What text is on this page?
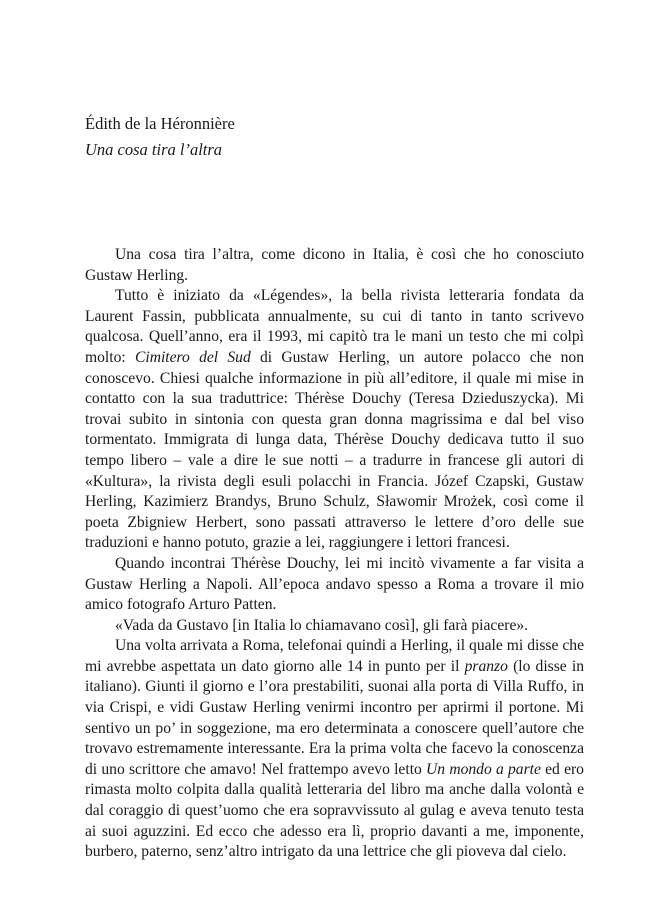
Édith de la Héronnière

Una cosa tira l’altra

Una cosa tira l’altra, come dicono in Italia, è così che ho conosciuto Gustaw Herling.

Tutto è iniziato da «Légendes», la bella rivista letteraria fondata da Laurent Fassin, pubblicata annualmente, su cui di tanto in tanto scrivevo qualcosa. Quell’anno, era il 1993, mi capitò tra le mani un testo che mi colpì molto: Cimitero del Sud di Gustaw Herling, un autore polacco che non conoscevo. Chiesi qualche informazione in più all’editore, il quale mi mise in contatto con la sua traduttrice: Thérèse Douchy (Teresa Dzieduszycka). Mi trovai subito in sintonia con questa gran donna magrissima e dal bel viso tormentato. Immigrata di lunga data, Thérèse Douchy dedicava tutto il suo tempo libero – vale a dire le sue notti – a tradurre in francese gli autori di «Kultura», la rivista degli esuli polacchi in Francia. Józef Czapski, Gustaw Herling, Kazimierz Brandys, Bruno Schulz, Sławomir Mrożek, così come il poeta Zbigniew Herbert, sono passati attraverso le lettere d’oro delle sue traduzioni e hanno potuto, grazie a lei, raggiungere i lettori francesi.

Quando incontrai Thérèse Douchy, lei mi incitò vivamente a far visita a Gustaw Herling a Napoli. All’epoca andavo spesso a Roma a trovare il mio amico fotografo Arturo Patten.

«Vada da Gustavo [in Italia lo chiamavano così], gli farà piacere».

Una volta arrivata a Roma, telefonai quindi a Herling, il quale mi disse che mi avrebbe aspettata un dato giorno alle 14 in punto per il pranzo (lo disse in italiano). Giunti il giorno e l’ora prestabiliti, suonai alla porta di Villa Ruffo, in via Crispi, e vidi Gustaw Herling venirmi incontro per aprirmi il portone. Mi sentivo un po’ in soggezione, ma ero determinata a conoscere quell’autore che trovavo estremamente interessante. Era la prima volta che facevo la conoscenza di uno scrittore che amavo! Nel frattempo avevo letto Un mondo a parte ed ero rimasta molto colpita dalla qualità letteraria del libro ma anche dalla volontà e dal coraggio di quest’uomo che era sopravvissuto al gulag e aveva tenuto testa ai suoi aguzzini. Ed ecco che adesso era lì, proprio davanti a me, imponente, burbero, paterno, senz’altro intrigato da una lettrice che gli pioveva dal cielo.
